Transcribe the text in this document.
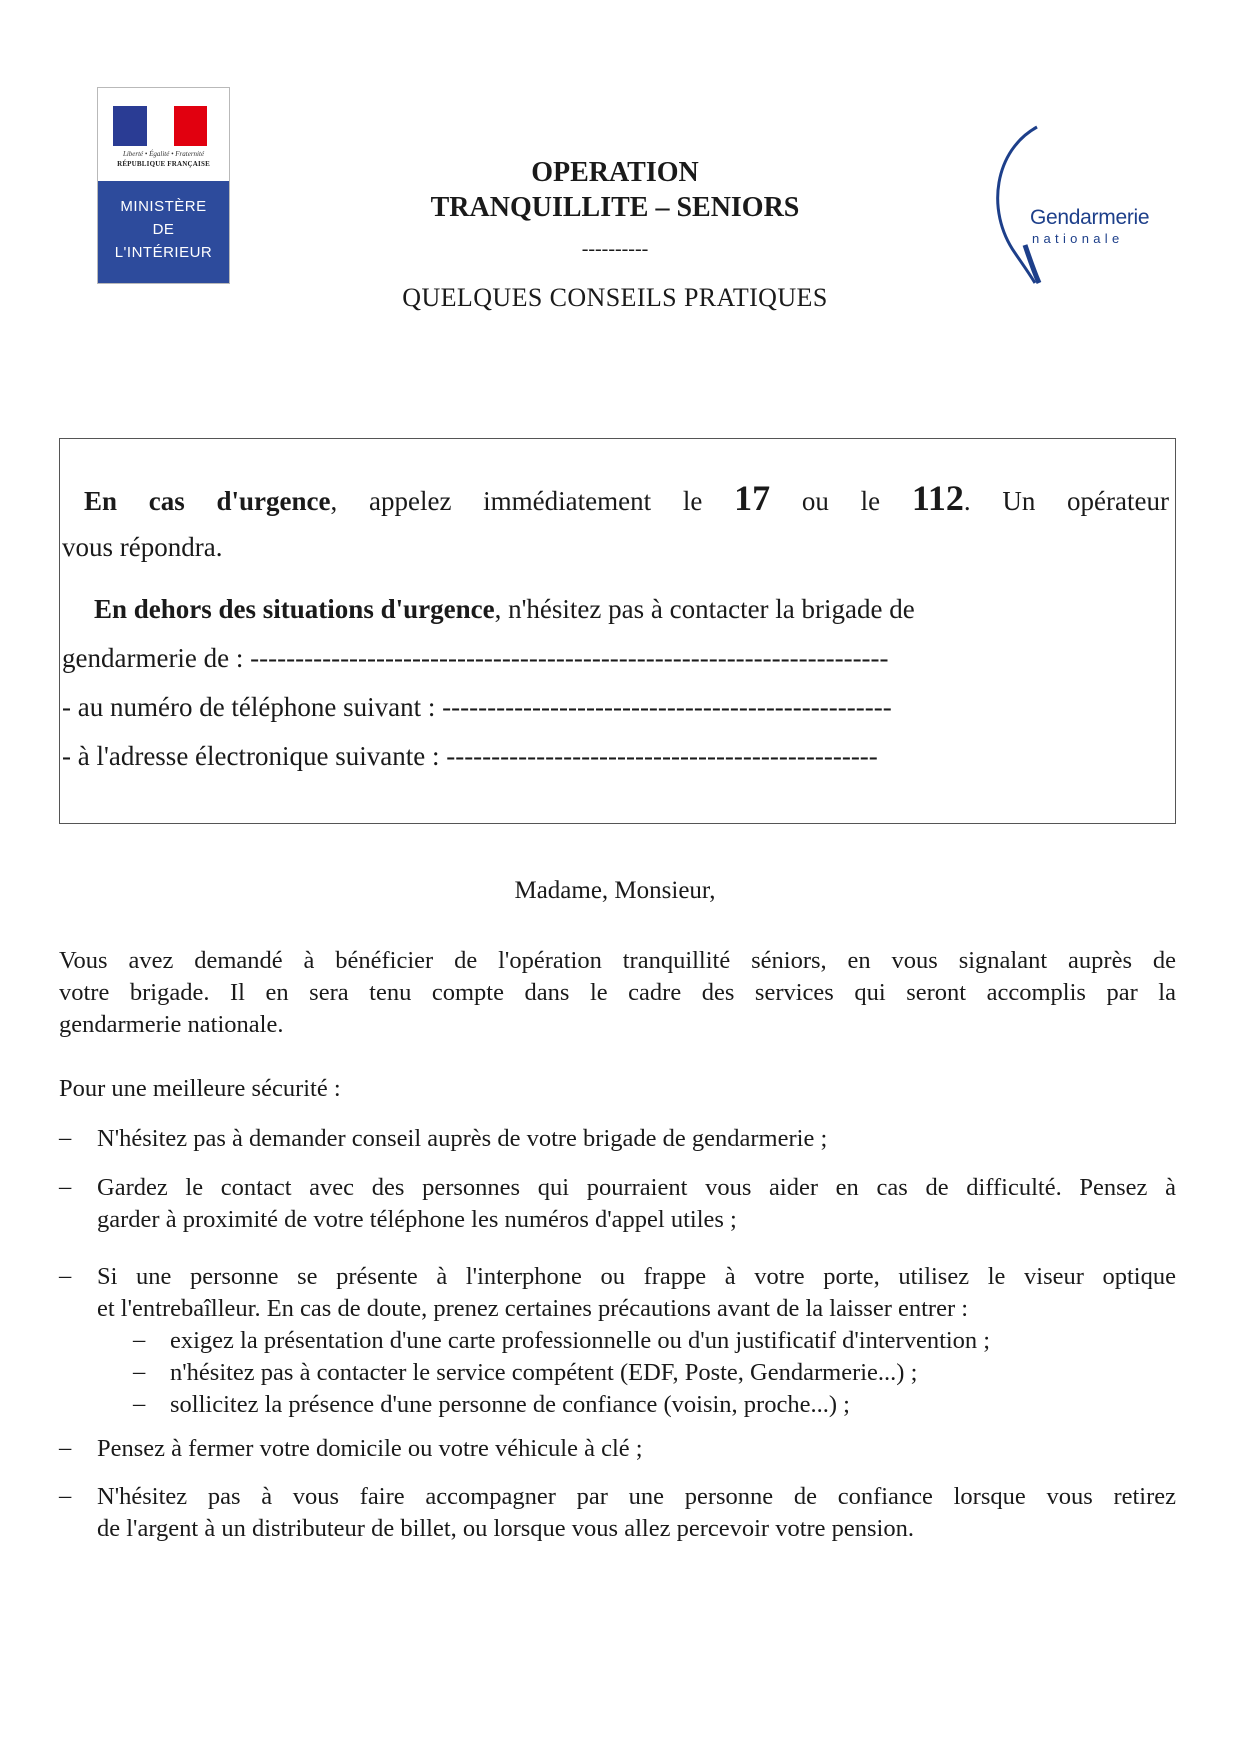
Liberté • Égalité • Fraternité
RÉPUBLIQUE FRANÇAISE
MINISTÈRE
DE
L'INTÉRIEUR
Gendarmerie
nationale
OPERATION
TRANQUILLITE – SENIORS
----------
QUELQUES CONSEILS PRATIQUES
En cas d'urgence, appelez immédiatement le 17 ou le 112. Un opérateur
vous répondra.
En dehors des situations d'urgence, n'hésitez pas à contacter la brigade de
gendarmerie de : -----------------------------------------------------------------------
- au numéro de téléphone suivant : --------------------------------------------------
- à l'adresse électronique suivante : ------------------------------------------------
Madame, Monsieur,
Vous avez demandé à bénéficier de l'opération tranquillité séniors, en vous signalant auprès de
votre brigade. Il en sera tenu compte dans le cadre des services qui seront accomplis par la
gendarmerie nationale.
Pour une meilleure sécurité :
– N'hésitez pas à demander conseil auprès de votre brigade de gendarmerie ;
– Gardez le contact avec des personnes qui pourraient vous aider en cas de difficulté. Pensez à
garder à proximité de votre téléphone les numéros d'appel utiles ;
– Si une personne se présente à l'interphone ou frappe à votre porte, utilisez le viseur optique
et l'entrebaîlleur. En cas de doute, prenez certaines précautions avant de la laisser entrer :
– exigez la présentation d'une carte professionnelle ou d'un justificatif d'intervention ;
– n'hésitez pas à contacter le service compétent (EDF, Poste, Gendarmerie...) ;
– sollicitez la présence d'une personne de confiance (voisin, proche...) ;
– Pensez à fermer votre domicile ou votre véhicule à clé ;
– N'hésitez pas à vous faire accompagner par une personne de confiance lorsque vous retirez
de l'argent à un distributeur de billet, ou lorsque vous allez percevoir votre pension.
